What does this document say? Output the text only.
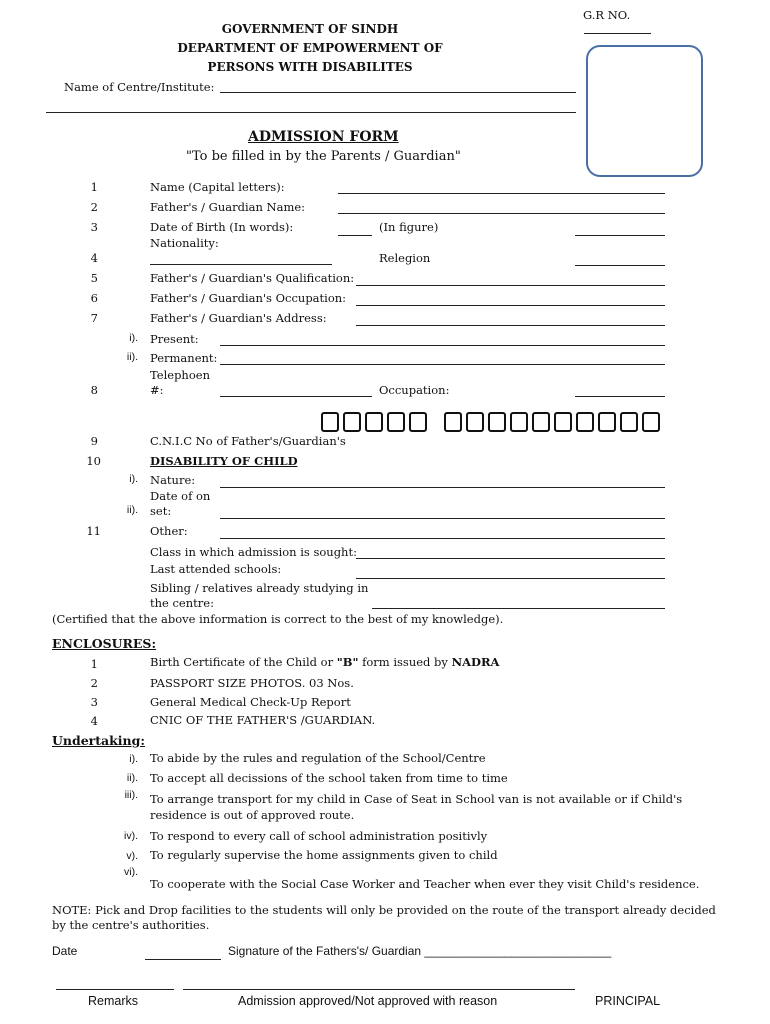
G.R NO.
GOVERNMENT OF SINDH
DEPARTMENT OF EMPOWERMENT OF
PERSONS WITH DISABILITES
Name of Centre/Institute:
ADMISSION FORM
"To be filled in by the Parents / Guardian"
1	Name (Capital letters):
2	Father's / Guardian Name:
3	Date of Birth (In words):	(In figure)
Nationality:
4	Relegion
5	Father's / Guardian's Qualification:
6	Father's / Guardian's Occupation:
7	Father's / Guardian's Address:
i). Present:
ii). Permanent:
Telephoen
8	#:	Occupation:
9	C.N.I.C No of Father's/Guardian's
10	DISABILITY OF CHILD
i). Nature:
Date of on
ii). set:
11	Other:
Class in which admission is sought:
Last attended schools:
Sibling / relatives already studying in
the centre:
(Certified that the above information is correct to the best of my knowledge).
ENCLOSURES:
1	Birth Certificate of the Child or "B" form issued by NADRA
2	PASSPORT SIZE PHOTOS. 03 Nos.
3	General Medical Check-Up Report
4	CNIC OF THE FATHER'S /GUARDIAN.
Undertaking:
i). To abide by the rules and regulation of the School/Centre
ii). To accept all decissions of the school taken from time to time
iii). To arrange transport for my child in Case of Seat in School van is not available or if Child's
residence is out of approved route.
iv). To respond to every call of school administration positivly
v). To regularly supervise the home assignments given to child
vi).
To cooperate with the Social Case Worker and Teacher when ever they visit Child's residence.
NOTE: Pick and Drop facilities to the students will only be provided on the route of the transport already decided
by the centre's authorities.
Date	Signature of the Fathers's/ Guardian ____________________________
Remarks	Admission approved/Not approved with reason	PRINCIPAL
